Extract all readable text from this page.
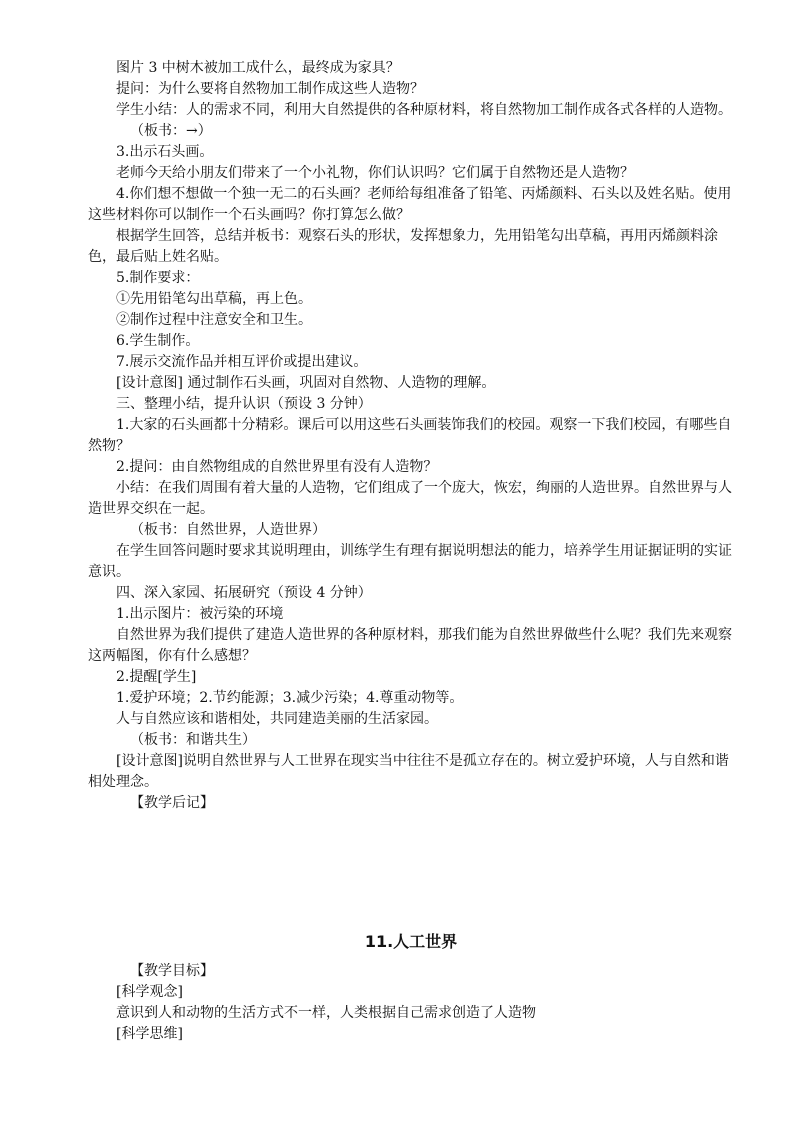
图片 3 中树木被加工成什么，最终成为家具？

提问：为什么要将自然物加工制作成这些人造物？

学生小结：人的需求不同，利用大自然提供的各种原材料，将自然物加工制作成各式各样的人造物。

（板书：→）

3.出示石头画。

老师今天给小朋友们带来了一个小礼物，你们认识吗？它们属于自然物还是人造物？

4.你们想不想做一个独一无二的石头画？老师给每组准备了铅笔、丙烯颜料、石头以及姓名贴。使用这些材料你可以制作一个石头画吗？你打算怎么做？

根据学生回答，总结并板书：观察石头的形状，发挥想象力，先用铅笔勾出草稿，再用丙烯颜料涂色，最后贴上姓名贴。

5.制作要求：

①先用铅笔勾出草稿，再上色。

②制作过程中注意安全和卫生。

6.学生制作。

7.展示交流作品并相互评价或提出建议。

[设计意图] 通过制作石头画，巩固对自然物、人造物的理解。

三、整理小结，提升认识（预设 3 分钟）

1.大家的石头画都十分精彩。课后可以用这些石头画装饰我们的校园。观察一下我们校园，有哪些自然物？

2.提问：由自然物组成的自然世界里有没有人造物？

小结：在我们周围有着大量的人造物，它们组成了一个庞大，恢宏，绚丽的人造世界。自然世界与人造世界交织在一起。

（板书：自然世界，人造世界）

在学生回答问题时要求其说明理由，训练学生有理有据说明想法的能力，培养学生用证据证明的实证意识。

四、深入家园、拓展研究（预设 4 分钟）

1.出示图片：被污染的环境

自然世界为我们提供了建造人造世界的各种原材料，那我们能为自然世界做些什么呢？我们先来观察这两幅图，你有什么感想？

2.提醒[学生]

1.爱护环境；2.节约能源；3.减少污染；4.尊重动物等。

人与自然应该和谐相处，共同建造美丽的生活家园。

（板书：和谐共生）

[设计意图]说明自然世界与人工世界在现实当中往往不是孤立存在的。树立爱护环境，人与自然和谐相处理念。

【教学后记】

11.人工世界

【教学目标】

[科学观念]

意识到人和动物的生活方式不一样，人类根据自己需求创造了人造物

[科学思维]
